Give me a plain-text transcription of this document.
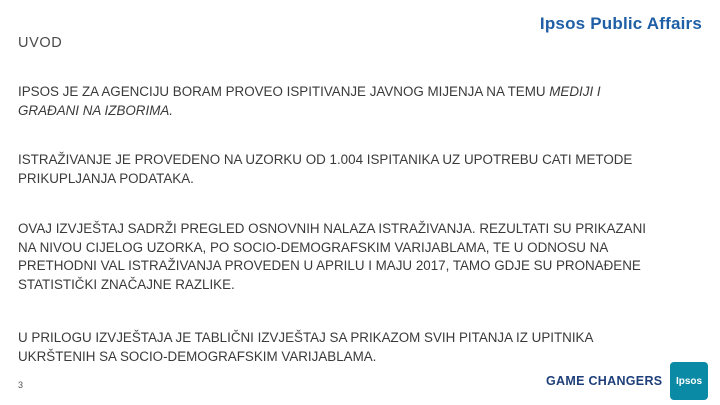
UVOD
Ipsos Public Affairs

IPSOS JE ZA AGENCIJU BORAM PROVEO ISPITIVANJE JAVNOG MIJENJA NA TEMU MEDIJI I GRAĐANI NA IZBORIMA.

ISTRAŽIVANJE JE PROVEDENO NA UZORKU OD 1.004 ISPITANIKA UZ UPOTREBU CATI METODE PRIKUPLJANJA PODATAKA.

OVAJ IZVJEŠTAJ SADRŽI PREGLED OSNOVNIH NALAZA ISTRAŽIVANJA. REZULTATI SU PRIKAZANI NA NIVOU CIJELOG UZORKA, PO SOCIO-DEMOGRAFSKIM VARIJABLAMA, TE U ODNOSU NA PRETHODNI VAL ISTRAŽIVANJA PROVEDEN U APRILU I MAJU 2017, TAMO GDJE SU PRONAĐENE STATISTIČKI ZNAČAJNE RAZLIKE.

U PRILOGU IZVJEŠTAJA JE TABLIČNI IZVJEŠTAJ SA PRIKAZOM SVIH PITANJA IZ UPITNIKA UKRŠTENIH SA SOCIO-DEMOGRAFSKIM VARIJABLAMA.

3	GAME CHANGERS	Ipsos
